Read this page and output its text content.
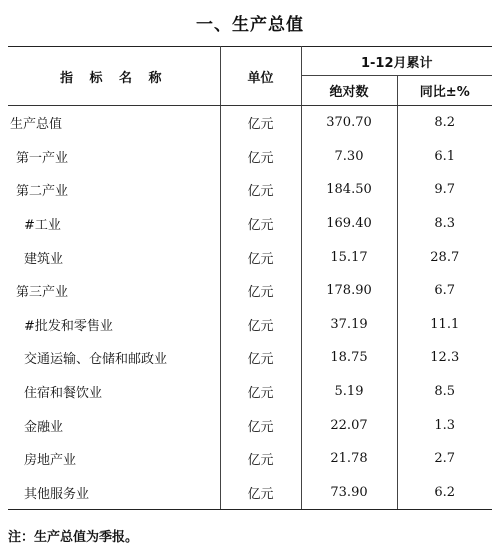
一、生产总值
指 标 名 称	单位	1-12月累计	
		绝对数	同比±%
生产总值	亿元	370.70	8.2
第一产业	亿元	7.30	6.1
第二产业	亿元	184.50	9.7
#工业	亿元	169.40	8.3
建筑业	亿元	15.17	28.7
第三产业	亿元	178.90	6.7
#批发和零售业	亿元	37.19	11.1
交通运输、仓储和邮政业	亿元	18.75	12.3
住宿和餐饮业	亿元	5.19	8.5
金融业	亿元	22.07	1.3
房地产业	亿元	21.78	2.7
其他服务业	亿元	73.90	6.2
注：生产总值为季报。
